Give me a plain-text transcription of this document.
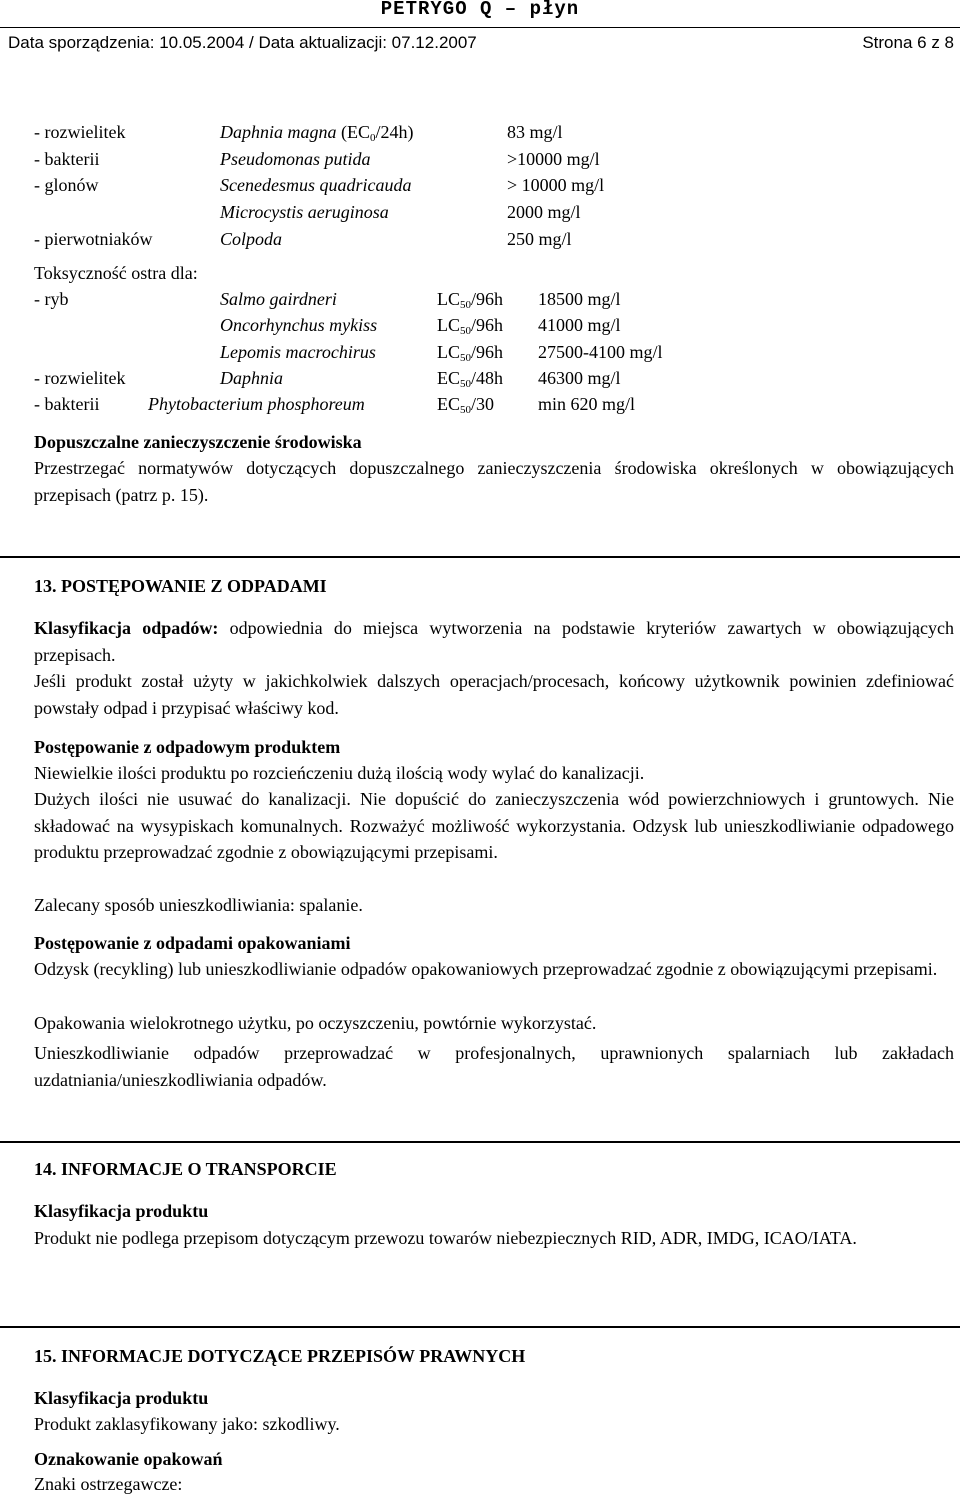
PETRYGO Q – płyn
Data sporządzenia: 10.05.2004 / Data aktualizacji: 07.12.2007	Strona 6 z 8
- rozwielitek	Daphnia magna $(EC_0/24h)$	83 mg/l
- bakterii	Pseudomonas putida	>10000 mg/l
- glonów	Scenedesmus quadricauda	> 10000 mg/l
Microcystis aeruginosa	2000 mg/l
- pierwotniaków	Colpoda	250 mg/l
Toksyczność ostra dla:
- ryb	Salmo gairdneri	$LC_{50}/96h$ 18500 mg/l
Oncorhynchus mykiss	$LC_{50}/96h$ 41000 mg/l
Lepomis macrochirus	$LC_{50}/96h$ 27500-4100 mg/l
- rozwielitek	Daphnia	$EC_{50}/48h$ 46300 mg/l
- bakterii	Phytobacterium phosphoreum	$EC_{50}/30$ min 620 mg/l
Dopuszczalne zanieczyszczenie środowiska
Przestrzegać normatywów dotyczących dopuszczalnego zanieczyszczenia środowiska określonych w obowiązujących przepisach (patrz p. 15).
13. POSTĘPOWANIE Z ODPADAMI
Klasyfikacja odpadów: odpowiednia do miejsca wytworzenia na podstawie kryteriów zawartych w obowiązujących przepisach.
Jeśli produkt został użyty w jakichkolwiek dalszych operacjach/procesach, końcowy użytkownik powinien zdefiniować powstały odpad i przypisać właściwy kod.
Postępowanie z odpadowym produktem
Niewielkie ilości produktu po rozcieńczeniu dużą ilością wody wylać do kanalizacji.
Dużych ilości nie usuwać do kanalizacji. Nie dopuścić do zanieczyszczenia wód powierzchniowych i gruntowych. Nie składować na wysypiskach komunalnych. Rozważyć możliwość wykorzystania. Odzysk lub unieszkodliwianie odpadowego produktu przeprowadzać zgodnie z obowiązującymi przepisami.
Zalecany sposób unieszkodliwiania: spalanie.
Postępowanie z odpadami opakowaniami
Odzysk (recykling) lub unieszkodliwianie odpadów opakowaniowych przeprowadzać zgodnie z obowiązującymi przepisami.
Opakowania wielokrotnego użytku, po oczyszczeniu, powtórnie wykorzystać.
Unieszkodliwianie odpadów przeprowadzać w profesjonalnych, uprawnionych spalarniach lub zakładach uzdatniania/unieszkodliwiania odpadów.
14. INFORMACJE O TRANSPORCIE
Klasyfikacja produktu
Produkt nie podlega przepisom dotyczącym przewozu towarów niebezpiecznych RID, ADR, IMDG, ICAO/IATA.
15. INFORMACJE DOTYCZĄCE PRZEPISÓW PRAWNYCH
Klasyfikacja produktu
Produkt zaklasyfikowany jako: szkodliwy.
Oznakowanie opakowań
Znaki ostrzegawcze:
